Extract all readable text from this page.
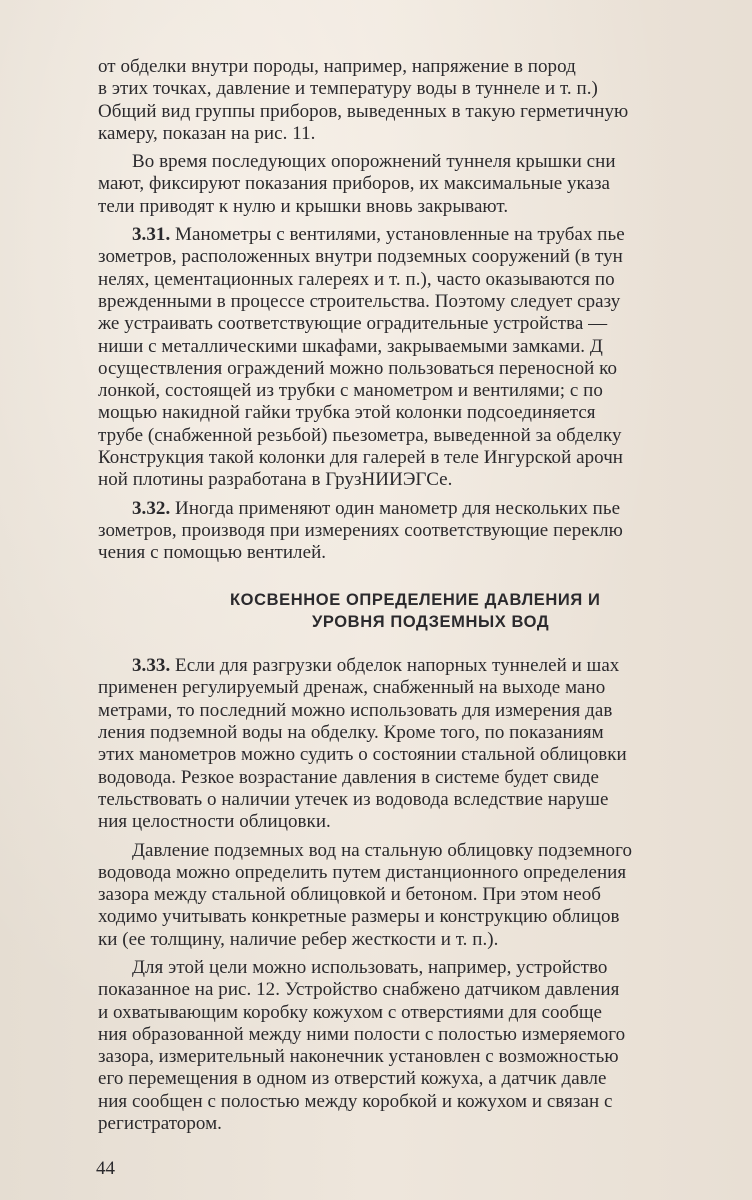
от обделки внутри породы, например, напряжение в пород
в этих точках, давление и температуру воды в туннеле и т. п.)
Общий вид группы приборов, выведенных в такую герметичную
камеру, показан на рис. 11.
Во время последующих опорожнений туннеля крышки сни
мают, фиксируют показания приборов, их максимальные указа
тели приводят к нулю и крышки вновь закрывают.
3.31. Манометры с вентилями, установленные на трубах пье
зометров, расположенных внутри подземных сооружений (в тун
нелях, цементационных галереях и т. п.), часто оказываются по
врежденными в процессе строительства. Поэтому следует сразу
же устраивать соответствующие оградительные устройства —
ниши с металлическими шкафами, закрываемыми замками. Д
осуществления ограждений можно пользоваться переносной ко
лонкой, состоящей из трубки с манометром и вентилями; с по
мощью накидной гайки трубка этой колонки подсоединяется
трубе (снабженной резьбой) пьезометра, выведенной за обделку
Конструкция такой колонки для галерей в теле Ингурской арочн
ной плотины разработана в ГрузНИИЭГСе.
3.32. Иногда применяют один манометр для нескольких пье
зометров, производя при измерениях соответствующие переклю
чения с помощью вентилей.
КОСВЕННОЕ ОПРЕДЕЛЕНИЕ ДАВЛЕНИЯ И
УРОВНЯ ПОДЗЕМНЫХ ВОД
3.33. Если для разгрузки обделок напорных туннелей и шах
применен регулируемый дренаж, снабженный на выходе мано
метрами, то последний можно использовать для измерения дав
ления подземной воды на обделку. Кроме того, по показаниям
этих манометров можно судить о состоянии стальной облицовки
водовода. Резкое возрастание давления в системе будет свиде
тельствовать о наличии утечек из водовода вследствие наруше
ния целостности облицовки.
Давление подземных вод на стальную облицовку подземного
водовода можно определить путем дистанционного определения
зазора между стальной облицовкой и бетоном. При этом необ
ходимо учитывать конкретные размеры и конструкцию облицов
ки (ее толщину, наличие ребер жесткости и т. п.).
Для этой цели можно использовать, например, устройство
показанное на рис. 12. Устройство снабжено датчиком давления
и охватывающим коробку кожухом с отверстиями для сообще
ния образованной между ними полости с полостью измеряемого
зазора, измерительный наконечник установлен с возможностью
его перемещения в одном из отверстий кожуха, а датчик давле
ния сообщен с полостью между коробкой и кожухом и связан с
регистратором.
44
